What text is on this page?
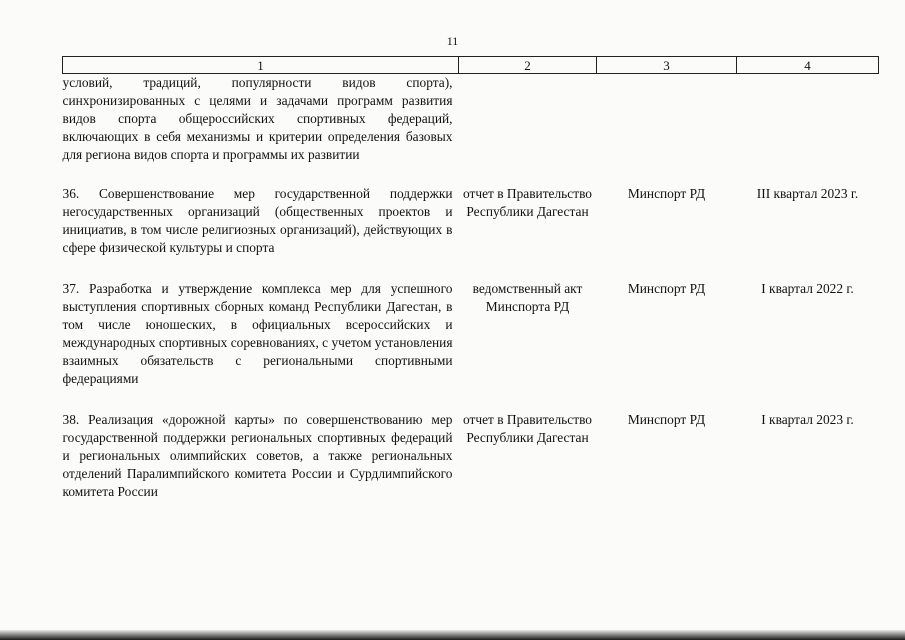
11
1	2	3	4
условий, традиций, популярности видов спорта), синхронизированных с целями и задачами программ развития видов спорта общероссийских спортивных федераций, включающих в себя механизмы и критерии определения базовых для региона видов спорта и программы их развитии			
36. Совершенствование мер государственной поддержки негосударственных организаций (общественных проектов и инициатив, в том числе религиозных организаций), действующих в сфере физической культуры и спорта	отчет в Правительство Республики Дагестан	Минспорт РД	III квартал 2023 г.
37. Разработка и утверждение комплекса мер для успешного выступления спортивных сборных команд Республики Дагестан, в том числе юношеских, в официальных всероссийских и международных спортивных соревнованиях, с учетом установления взаимных обязательств с региональными спортивными федерациями	ведомственный акт Минспорта РД	Минспорт РД	I квартал 2022 г.
38. Реализация «дорожной карты» по совершенствованию мер государственной поддержки региональных спортивных федераций и региональных олимпийских советов, а также региональных отделений Паралимпийского комитета России и Сурдлимпийского комитета России	отчет в Правительство Республики Дагестан	Минспорт РД	I квартал 2023 г.
